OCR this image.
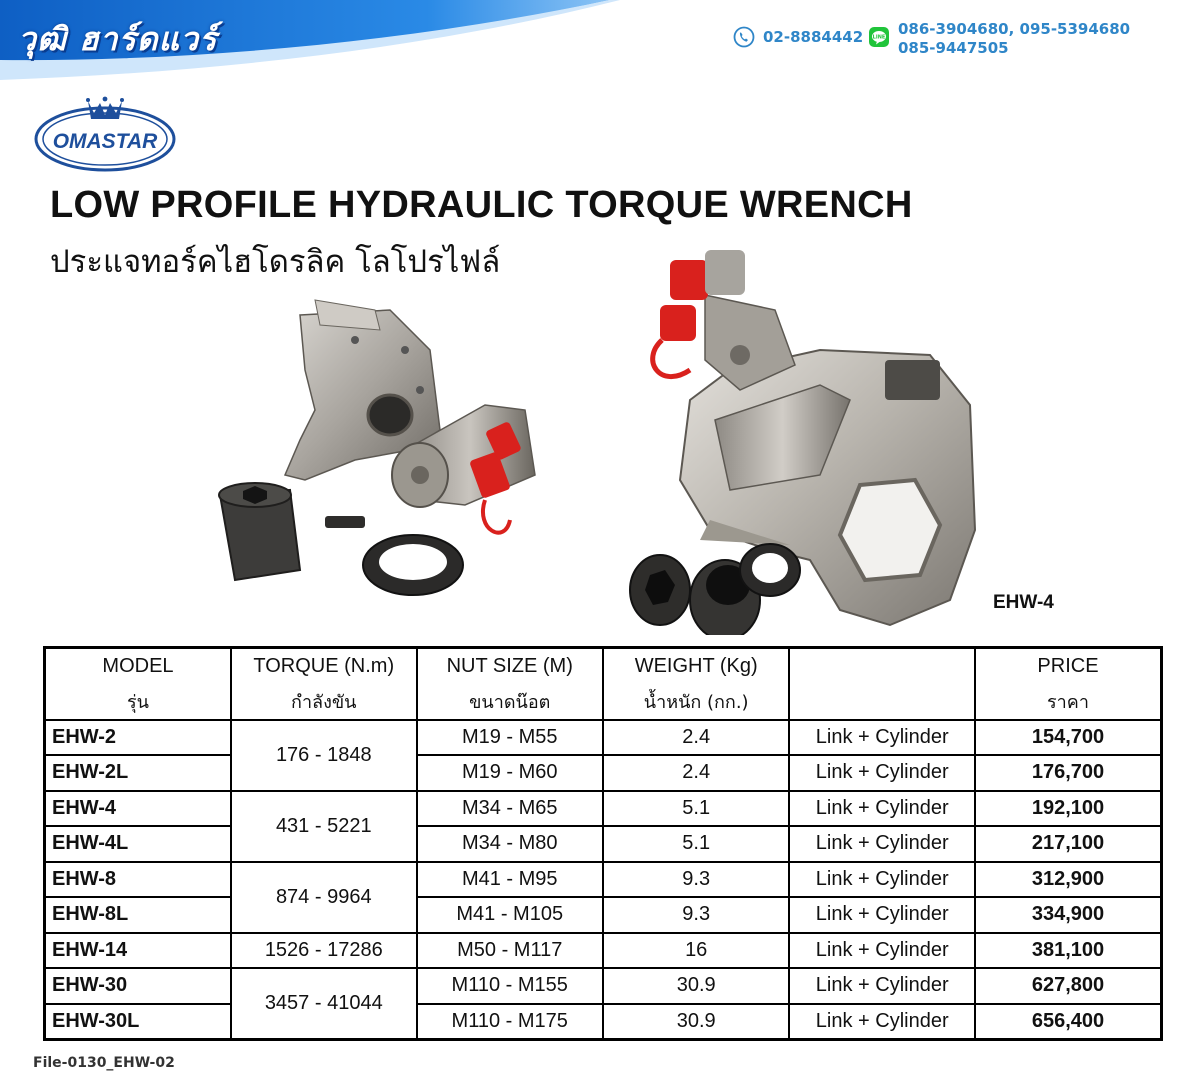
วุฒิ ฮาร์ดแวร์	02-8884442 LINE 086-3904680, 095-5394680
085-9447505
OMASTAR
LOW PROFILE HYDRAULIC TORQUE WRENCH
ประแจทอร์คไฮโดรลิค โลโปรไฟล์
EHW-4
MODEL	TORQUE (N.m)	NUT SIZE (M)	WEIGHT (Kg)		PRICE
รุ่น	กำลังขัน	ขนาดน๊อต	น้ำหนัก (กก.)		ราคา
EHW-2	176 - 1848	M19 - M55	2.4	Link + Cylinder	154,700
EHW-2L		M19 - M60	2.4	Link + Cylinder	176,700
EHW-4	431 - 5221	M34 - M65	5.1	Link + Cylinder	192,100
EHW-4L		M34 - M80	5.1	Link + Cylinder	217,100
EHW-8	874 - 9964	M41 - M95	9.3	Link + Cylinder	312,900
EHW-8L		M41 - M105	9.3	Link + Cylinder	334,900
EHW-14	1526 - 17286	M50 - M117	16	Link + Cylinder	381,100
EHW-30	3457 - 41044	M110 - M155	30.9	Link + Cylinder	627,800
EHW-30L		M110 - M175	30.9	Link + Cylinder	656,400
File-0130_EHW-02
